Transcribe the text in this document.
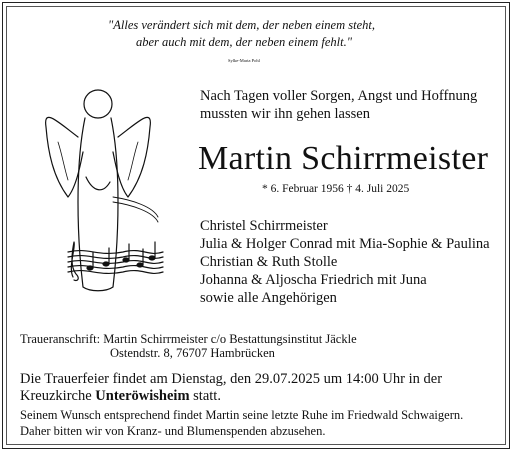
"Alles verändert sich mit dem, der neben einem steht,
aber auch mit dem, der neben einem fehlt."
Sylke-Maria Pohl
Nach Tagen voller Sorgen, Angst und Hoffnung
mussten wir ihn gehen lassen
Martin Schirrmeister
* 6. Februar 1956 † 4. Juli 2025
Christel Schirrmeister
Julia & Holger Conrad mit Mia-Sophie & Paulina
Christian & Ruth Stolle
Johanna & Aljoscha Friedrich mit Juna
sowie alle Angehörigen
Traueranschrift: Martin Schirrmeister c/o Bestattungsinstitut Jäckle
Ostendstr. 8, 76707 Hambrücken
Die Trauerfeier findet am Dienstag, den 29.07.2025 um 14:00 Uhr in der
Kreuzkirche Unteröwisheim statt.
Seinem Wunsch entsprechend findet Martin seine letzte Ruhe im Friedwald Schwaigern.
Daher bitten wir von Kranz- und Blumenspenden abzusehen.
